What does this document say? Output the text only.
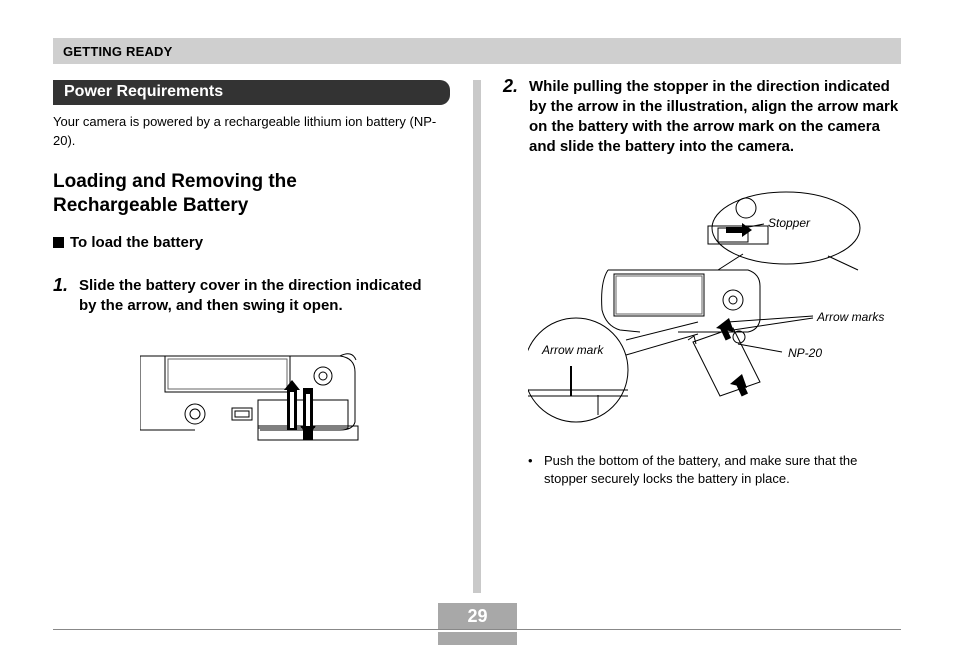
GETTING READY
Power Requirements
Your camera is powered by a rechargeable lithium ion battery (NP-20).
Loading and Removing the Rechargeable Battery
To load the battery
1. Slide the battery cover in the direction indicated by the arrow, and then swing it open.
2. While pulling the stopper in the direction indicated by the arrow in the illustration, align the arrow mark on the battery with the arrow mark on the camera and slide the battery into the camera.
Stopper
Arrow marks
Arrow mark	NP-20
• Push the bottom of the battery, and make sure that the stopper securely locks the battery in place.
29
